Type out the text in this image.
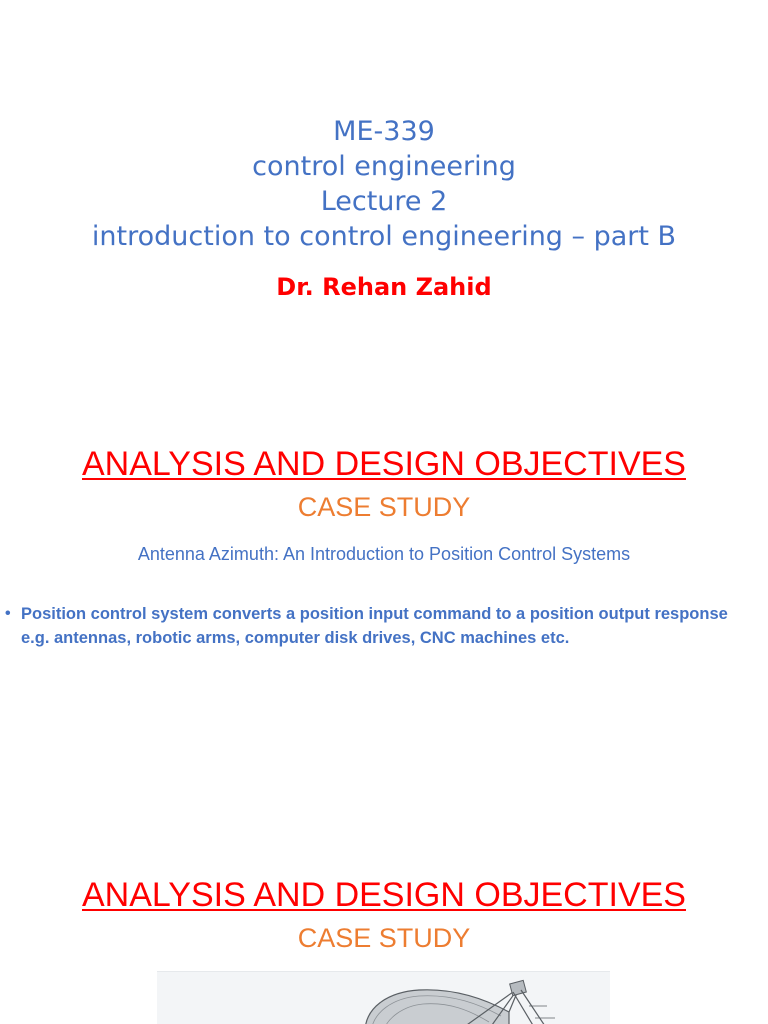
ME-339
control engineering
Lecture 2
introduction to control engineering – part B
Dr. Rehan Zahid
ANALYSIS AND DESIGN OBJECTIVES
CASE STUDY
Antenna Azimuth: An Introduction to Position Control Systems
• Position control system converts a position input command to a position output response
e.g. antennas, robotic arms, computer disk drives, CNC machines etc.
ANALYSIS AND DESIGN OBJECTIVES
CASE STUDY
